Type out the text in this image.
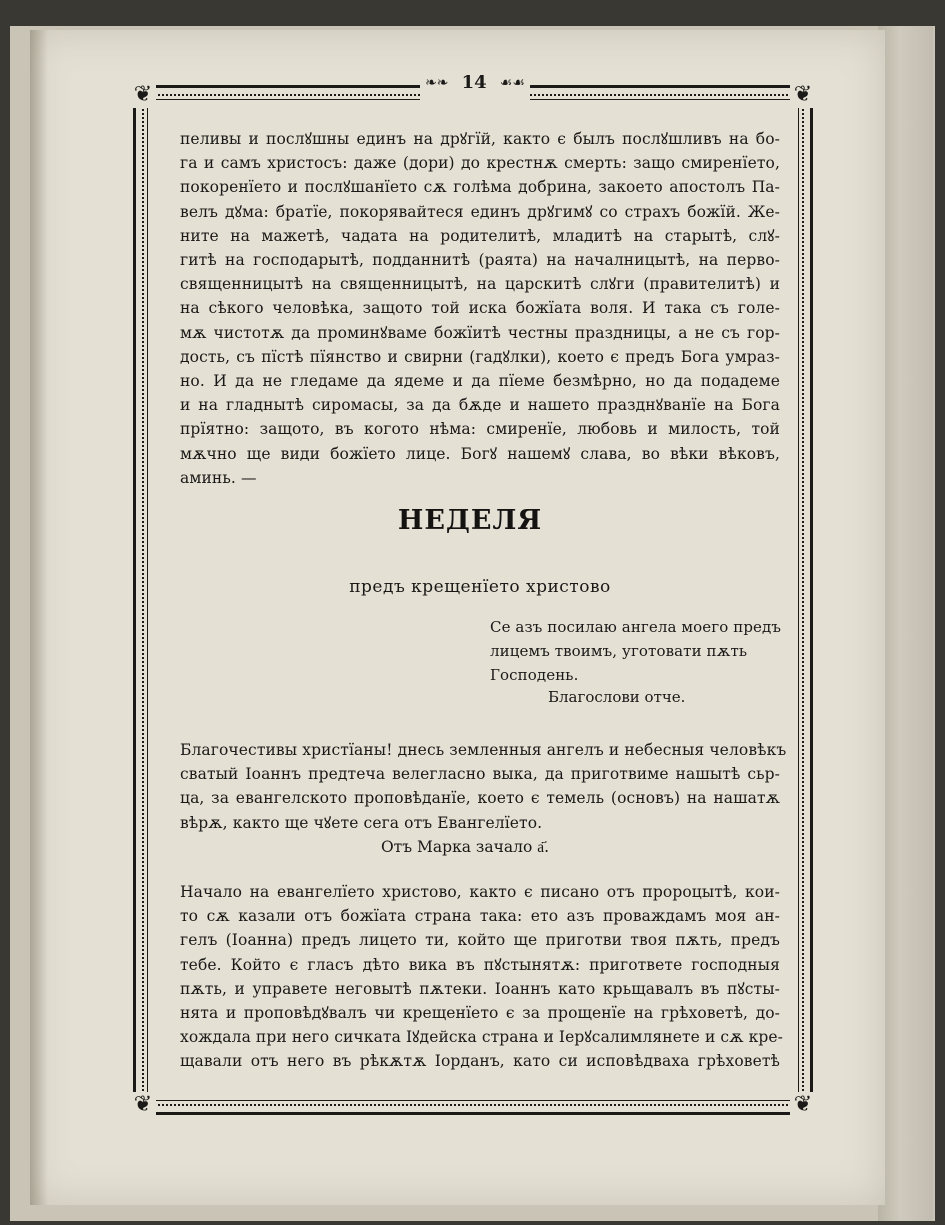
❦	❦
❦	❦
❧❧ 14 ☙☙
пеливы и послꙋшны единъ на дрꙋгїй, както є былъ послꙋшливъ на бо-
га и самъ христосъ: даже (дори) до крестнѫ смерть: защо смиренїето,
покоренїето и послꙋшанїето сѫ голѣма добрина, закоето апостолъ Па-
велъ дꙋма: братїе, покорявайтеся единъ дрꙋгимꙋ со страхъ божїй. Же-
ните на мажетѣ, чадата на родителитѣ, младитѣ на старытѣ, слꙋ-
гитѣ на господарытѣ, подданнитѣ (раята) на началницытѣ, на перво-
священницытѣ на священницытѣ, на царскитѣ слꙋги (правителитѣ) и
на сѣкого человѣка, защото той иска божїата воля. И така съ голе-
мѫ чистотѫ да проминꙋваме божїитѣ честны праздницы, а не съ гор-
дость, съ пїстѣ пїянство и свирни (гадꙋлки), което є предъ Бога умраз-
но. И да не гледаме да ядеме и да пїеме безмѣрно, но да подадеме
и на гладнытѣ сиромасы, за да бѫде и нашето празднꙋванїе на Бога
прїятно: защото, въ когото нѣма: смиренїе, любовь и милость, той
мѫчно ще види божїето лице. Богꙋ нашемꙋ слава, во вѣки вѣковъ,
аминь. —
НЕДЕЛЯ
предъ крещенїето христово
Се азъ посилаю ангела моего предъ
лицемъ твоимъ, уготовати пѫть
Господень.
Благослови отче.
Благочестивы христїаны! днесь земленныя ангелъ и небесныя человѣкъ
сватый Іоаннъ предтеча велегласно выка, да приготвиме нашытѣ сьр-
ца, за евангелското проповѣданїе, което є темель (основъ) на нашатѫ
вѣрѫ, както ще чꙋете сега отъ Евангелїето.
Отъ Марка зачало а҃.
Начало на евангелїето христово, както є писано отъ пророцытѣ, кои-
то сѫ казали отъ божїата страна така: ето азъ проваждамъ моя ан-
гелъ (Іоанна) предъ лицето ти, който ще приготви твоя пѫть, предъ
тебе. Който є гласъ дѣто вика въ пꙋстынятѫ: пригответе господныя
пѫть, и управете неговытѣ пѫтеки. Іоаннъ като крьщавалъ въ пꙋсты-
нята и проповѣдꙋвалъ чи крещенїето є за прощенїе на грѣховетѣ, до-
хождала при него сичката Іꙋдейска страна и Іерꙋсалимлянете и сѫ кре-
щавали отъ него въ рѣкѫтѫ Іорданъ, като си исповѣдваха грѣховетѣ
